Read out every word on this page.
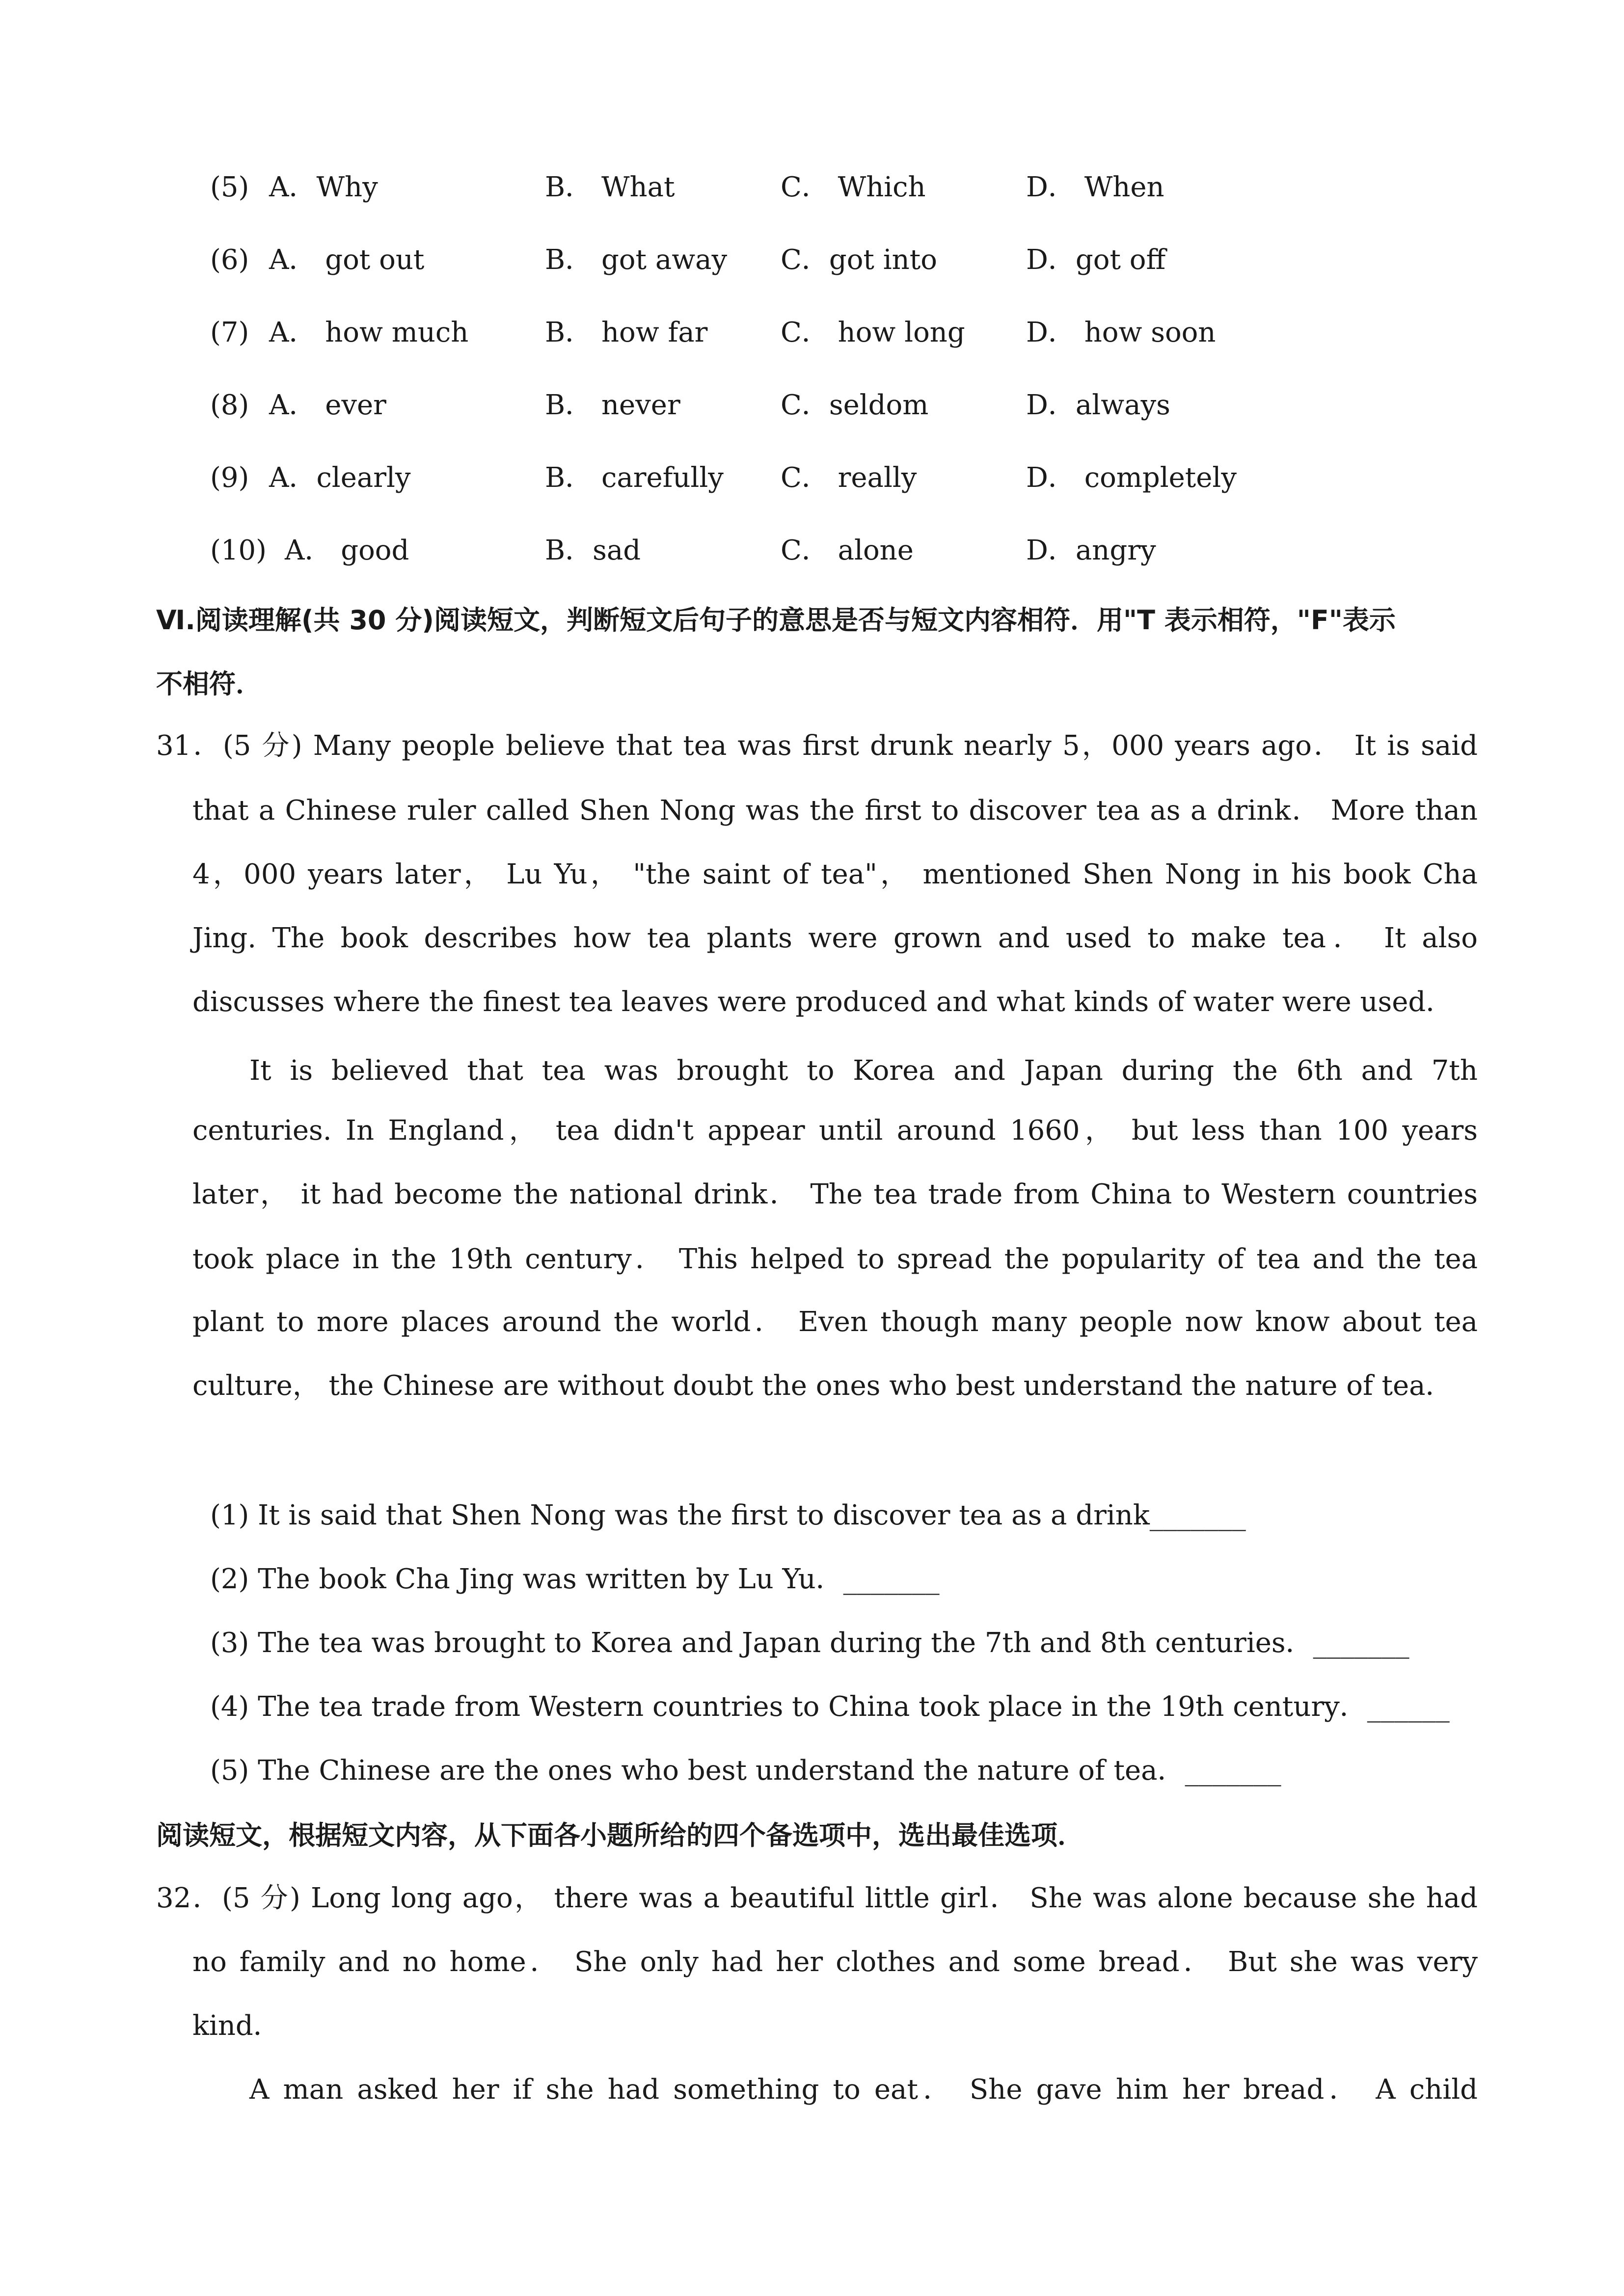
(5) A．Why	B． What	C． Which	D． When
(6) A． got out	B． got away C．got into	D．got off
(7) A． how much	B． how far	C． how long D． how soon
(8) A． ever	B． never	C．seldom	D．always
(9) A．clearly	B． carefully C． really	D． completely
(10) A． good	B．sad	C． alone	D．angry
Ⅵ.阅读理解(共 30 分)阅读短文，判断短文后句子的意思是否与短文内容相符．用"T 表示相符，"F"表示
不相符．
31．(5 分) Many people believe that tea was first drunk nearly 5，000 years ago． It is said
that a Chinese ruler called Shen Nong was the first to discover tea as a drink． More than
4，000 years later， Lu Yu， "the saint of tea"， mentioned Shen Nong in his book Cha
Jing. The book describes how tea plants were grown and used to make tea． It also
discusses where the finest tea leaves were produced and what kinds of water were used．
It is believed that tea was brought to Korea and Japan during the 6th and 7th
centuries. In England， tea didn't appear until around 1660， but less than 100 years
later， it had become the national drink． The tea trade from China to Western countries
took place in the 19th century． This helped to spread the popularity of tea and the tea
plant to more places around the world． Even though many people now know about tea
culture， the Chinese are without doubt the ones who best understand the nature of tea．
(1) It is said that Shen Nong was the first to discover tea as a drink_______
(2) The book Cha Jing was written by Lu Yu．_______
(3) The tea was brought to Korea and Japan during the 7th and 8th centuries．_______
(4) The tea trade from Western countries to China took place in the 19th century．______
(5) The Chinese are the ones who best understand the nature of tea．_______
阅读短文，根据短文内容，从下面各小题所给的四个备选项中，选出最佳选项．
32．(5 分) Long long ago， there was a beautiful little girl． She was alone because she had
no family and no home． She only had her clothes and some bread． But she was very
kind．
A man asked her if she had something to eat． She gave him her bread． A child
